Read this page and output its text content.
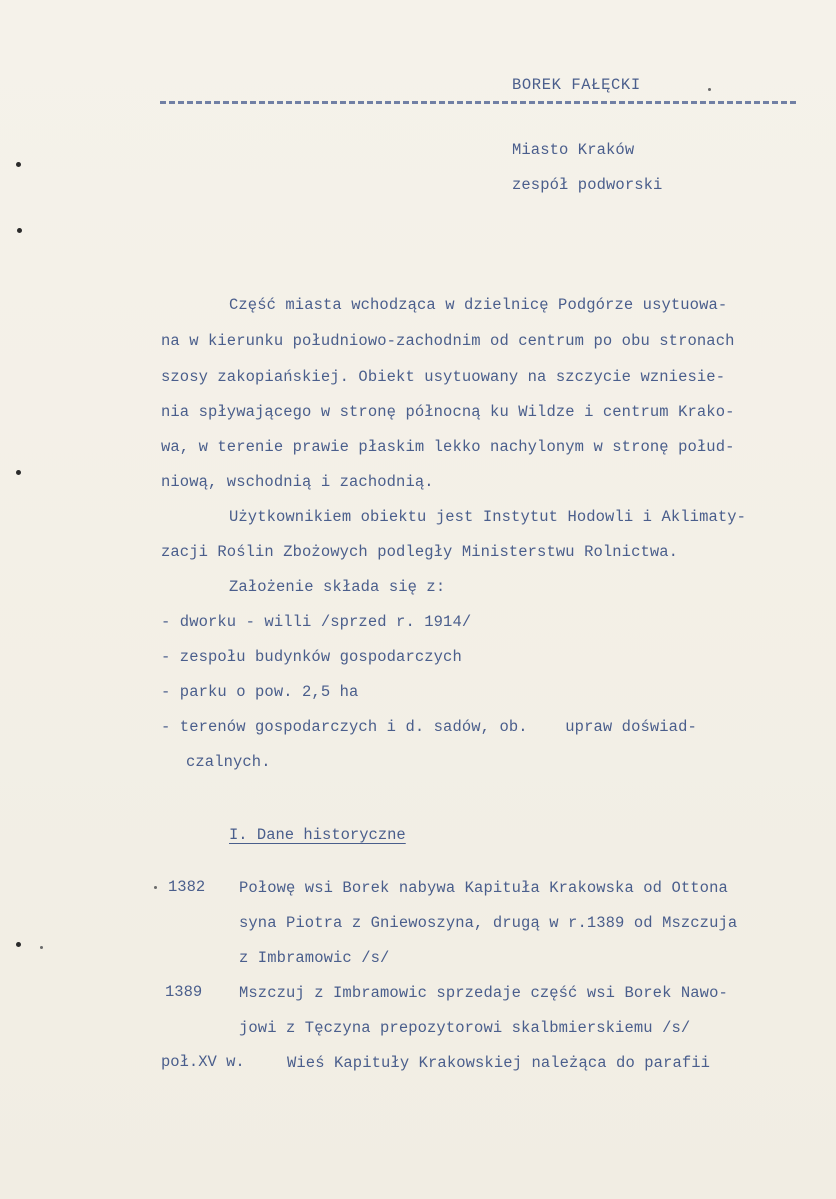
BOREK FAŁĘCKI
Miasto Kraków
zespół podworski
Część miasta wchodząca w dzielnicę Podgórze usytuowa-
na w kierunku południowo-zachodnim od centrum po obu stronach
szosy zakopiańskiej. Obiekt usytuowany na szczycie wzniesie-
nia spływającego w stronę północną ku Wildze i centrum Krako-
wa, w terenie prawie płaskim lekko nachylonym w stronę połud-
niową, wschodnią i zachodnią.
Użytkownikiem obiektu jest Instytut Hodowli i Aklimaty-
zacji Roślin Zbożowych podległy Ministerstwu Rolnictwa.
Założenie składa się z:
- dworku - willi /sprzed r. 1914/
- zespołu budynków gospodarczych
- parku o pow. 2,5 ha
- terenów gospodarczych i d. sadów, ob.    upraw doświad-
czalnych.
I. Dane historyczne
1382 Połowę wsi Borek nabywa Kapituła Krakowska od Ottona
syna Piotra z Gniewoszyna, drugą w r.1389 od Mszczuja
z Imbramowic /s/
1389 Mszczuj z Imbramowic sprzedaje część wsi Borek Nawo-
jowi z Tęczyna prepozytorowi skalbmierskiemu /s/
poł.XV w.	Wieś Kapituły Krakowskiej należąca do parafii
